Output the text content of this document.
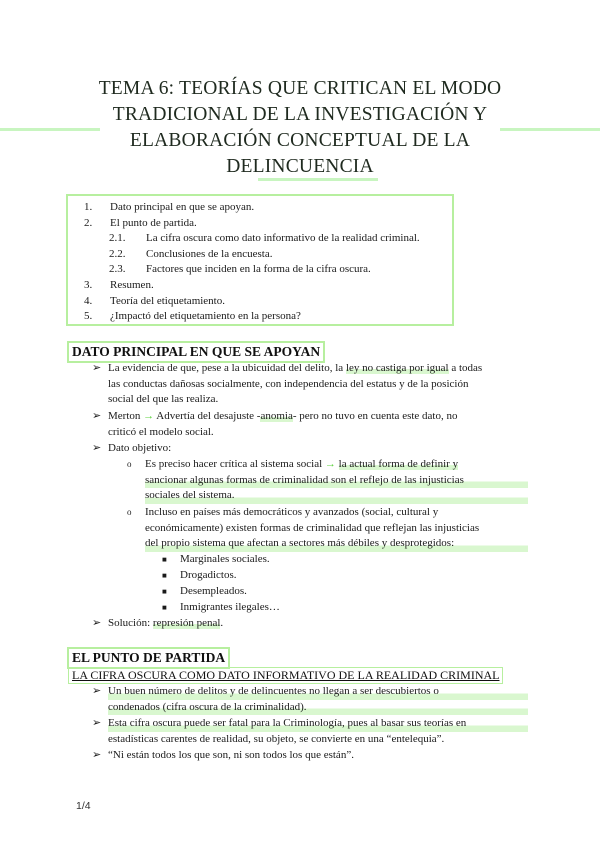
TEMA 6: TEORÍAS QUE CRITICAN EL MODO
TRADICIONAL DE LA INVESTIGACIÓN Y
ELABORACIÓN CONCEPTUAL DE LA
DELINCUENCIA
1. Dato principal en que se apoyan.
2. El punto de partida.
2.1. La cifra oscura como dato informativo de la realidad criminal.
2.2. Conclusiones de la encuesta.
2.3. Factores que inciden en la forma de la cifra oscura.
3. Resumen.
4. Teoría del etiquetamiento.
5. ¿Impactó del etiquetamiento en la persona?
DATO PRINCIPAL EN QUE SE APOYAN
➢ La evidencia de que, pese a la ubicuidad del delito, la ley no castiga por igual a todas
las conductas dañosas socialmente, con independencia del estatus y de la posición
social del que las realiza.
➢ Merton → Advertía del desajuste -anomia- pero no tuvo en cuenta este dato, no
criticó el modelo social.
➢ Dato objetivo:
o Es preciso hacer crítica al sistema social → la actual forma de definir y
sancionar algunas formas de criminalidad son el reflejo de las injusticias
sociales del sistema.
o Incluso en países más democráticos y avanzados (social, cultural y
económicamente) existen formas de criminalidad que reflejan las injusticias
del propio sistema que afectan a sectores más débiles y desprotegidos:
■ Marginales sociales.
■ Drogadictos.
■ Desempleados.
■ Inmigrantes ilegales…
➢ Solución: represión penal.
EL PUNTO DE PARTIDA
LA CIFRA OSCURA COMO DATO INFORMATIVO DE LA REALIDAD CRIMINAL
➢ Un buen número de delitos y de delincuentes no llegan a ser descubiertos o
condenados (cifra oscura de la criminalidad).
➢ Esta cifra oscura puede ser fatal para la Criminología, pues al basar sus teorías en
estadísticas carentes de realidad, su objeto, se convierte en una “entelequia”.
➢ “Ni están todos los que son, ni son todos los que están”.
1/4
